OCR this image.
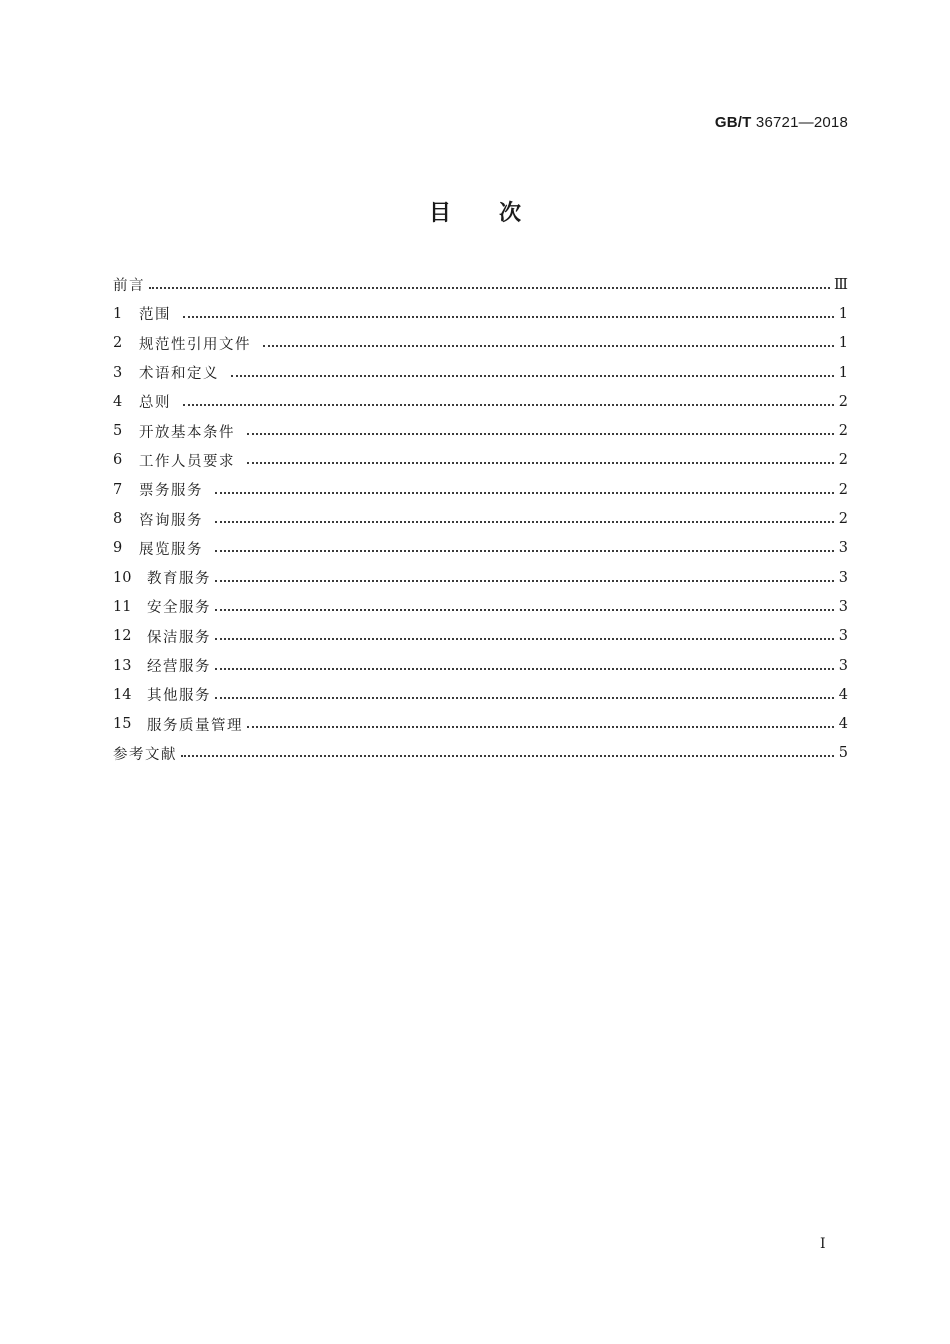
GB/T 36721—2018
目次
前言	Ⅲ
1	范围	1
2	规范性引用文件	1
3	术语和定义	1
4	总则	2
5	开放基本条件	2
6	工作人员要求	2
7	票务服务	2
8	咨询服务	2
9	展览服务	3
10	教育服务	3
11	安全服务	3
12	保洁服务	3
13	经营服务	3
14	其他服务	4
15	服务质量管理	4
参考文献	5
Ⅰ
